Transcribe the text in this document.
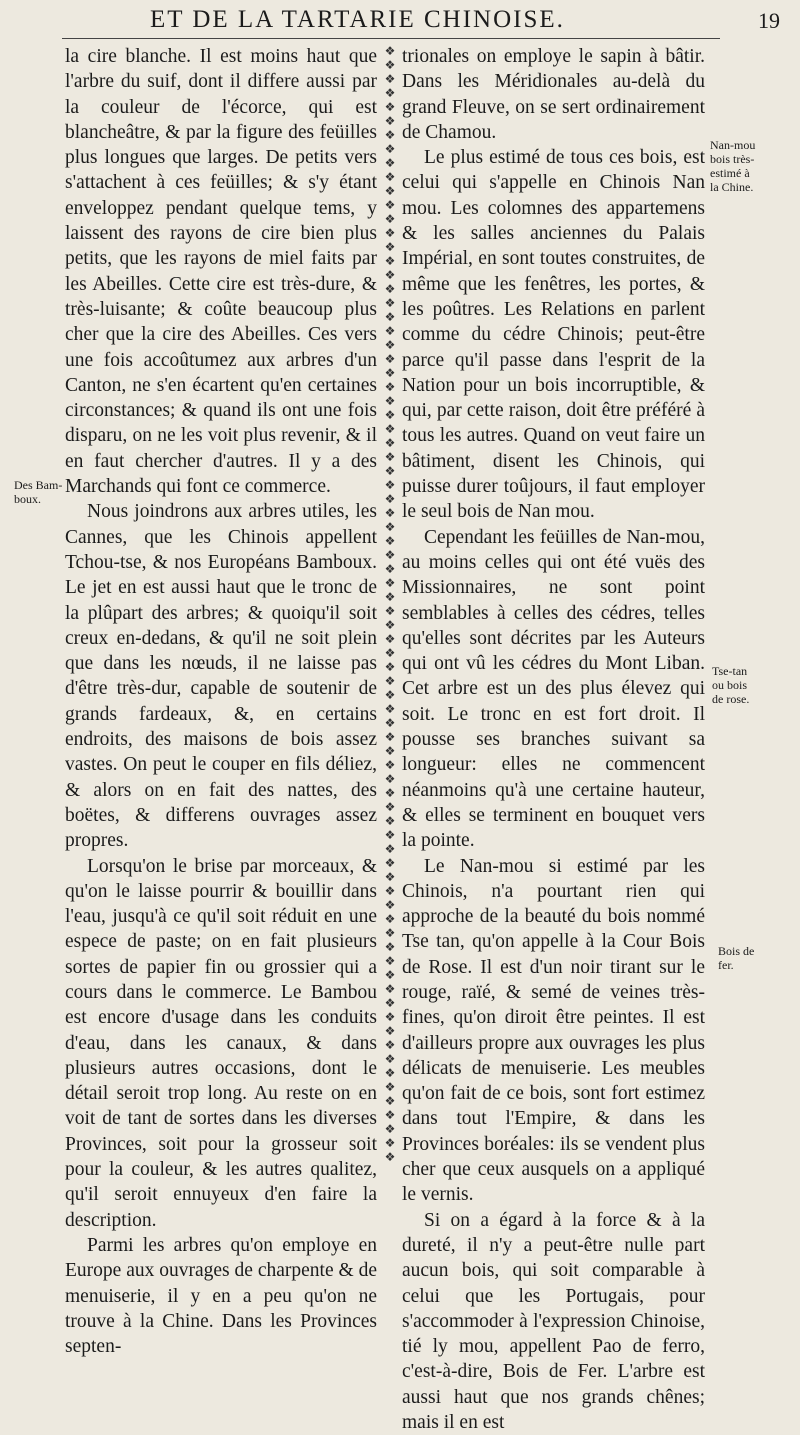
ET DE LA TARTARIE CHINOISE.	19

la cire blanche. Il est moins haut que l'arbre du suif, dont il differe aussi par la couleur de l'écorce, qui est blancheâtre, & par la figure des feüilles plus longues que larges. De petits vers s'attachent à ces feüilles; & s'y étant enveloppez pendant quelque tems, y laissent des rayons de cire bien plus petits, que les rayons de miel faits par les Abeilles. Cette cire est très-dure, & très-luisante; & coûte beaucoup plus cher que la cire des Abeilles. Ces vers une fois accoûtumez aux arbres d'un Canton, ne s'en écartent qu'en certaines circonstances; & quand ils ont une fois disparu, on ne les voit plus revenir, & il en faut chercher d'autres. Il y a des Marchands qui font ce commerce.

Nous joindrons aux arbres utiles, les Cannes, que les Chinois appellent Tchou-tse, & nos Européans Bamboux. Le jet en est aussi haut que le tronc de la plûpart des arbres; & quoiqu'il soit creux en-dedans, & qu'il ne soit plein que dans les nœuds, il ne laisse pas d'être très-dur, capable de soutenir de grands fardeaux, &, en certains endroits, des maisons de bois assez vastes. On peut le couper en fils déliez, & alors on en fait des nattes, des boëtes, & differens ouvrages assez propres.

Lorsqu'on le brise par morceaux, & qu'on le laisse pourrir & bouillir dans l'eau, jusqu'à ce qu'il soit réduit en une espece de paste; on en fait plusieurs sortes de papier fin ou grossier qui a cours dans le commerce. Le Bambou est encore d'usage dans les conduits d'eau, dans les canaux, & dans plusieurs autres occasions, dont le détail seroit trop long. Au reste on en voit de tant de sortes dans les diverses Provinces, soit pour la grosseur soit pour la couleur, & les autres qualitez, qu'il seroit ennuyeux d'en faire la description.

Parmi les arbres qu'on employe en Europe aux ouvrages de charpente & de menuiserie, il y en a peu qu'on ne trouve à la Chine. Dans les Provinces septen-

❖
❖
❖
❖
❖
❖
❖
❖
❖
❖
❖
❖
❖
❖
❖
❖
❖
❖
❖
❖
❖
❖
❖
❖
❖
❖
❖
❖
❖
❖
❖
❖
❖
❖
❖
❖
❖
❖
❖
❖
❖
❖
❖
❖
❖
❖
❖
❖
❖
❖
❖
❖
❖
❖
❖
❖
❖
❖
❖
❖
❖
❖
❖
❖
❖
❖
❖
❖
❖
❖
❖
❖
❖
❖
❖
❖
❖
❖
❖
❖

trionales on employe le sapin à bâtir. Dans les Méridionales au-delà du grand Fleuve, on se sert ordinairement de Chamou.

Le plus estimé de tous ces bois, est celui qui s'appelle en Chinois Nan mou. Les colomnes des appartemens & les salles anciennes du Palais Impérial, en sont toutes construites, de même que les fenêtres, les portes, & les poûtres. Les Relations en parlent comme du cédre Chinois; peut-être parce qu'il passe dans l'esprit de la Nation pour un bois incorruptible, & qui, par cette raison, doit être préféré à tous les autres. Quand on veut faire un bâtiment, disent les Chinois, qui puisse durer toûjours, il faut employer le seul bois de Nan mou.

Cependant les feüilles de Nan-mou, au moins celles qui ont été vuës des Missionnaires, ne sont point semblables à celles des cédres, telles qu'elles sont décrites par les Auteurs qui ont vû les cédres du Mont Liban. Cet arbre est un des plus élevez qui soit. Le tronc en est fort droit. Il pousse ses branches suivant sa longueur: elles ne commencent néanmoins qu'à une certaine hauteur, & elles se terminent en bouquet vers la pointe.

Le Nan-mou si estimé par les Chinois, n'a pourtant rien qui approche de la beauté du bois nommé Tse tan, qu'on appelle à la Cour Bois de Rose. Il est d'un noir tirant sur le rouge, raïé, & semé de veines très-fines, qu'on diroit être peintes. Il est d'ailleurs propre aux ouvrages les plus délicats de menuiserie. Les meubles qu'on fait de ce bois, sont fort estimez dans tout l'Empire, & dans les Provinces boréales: ils se vendent plus cher que ceux ausquels on a appliqué le vernis.

Si on a égard à la force & à la dureté, il n'y a peut-être nulle part aucun bois, qui soit comparable à celui que les Portugais, pour s'accommoder à l'expression Chinoise, tié ly mou, appellent Pao de ferro, c'est-à-dire, Bois de Fer. L'arbre est aussi haut que nos grands chênes; mais il en est

Des Bam-
boux.
Nan-mou
bois très-
estimé à
la Chine.
Tse-tan
ou bois
de rose.
Bois de
fer.
